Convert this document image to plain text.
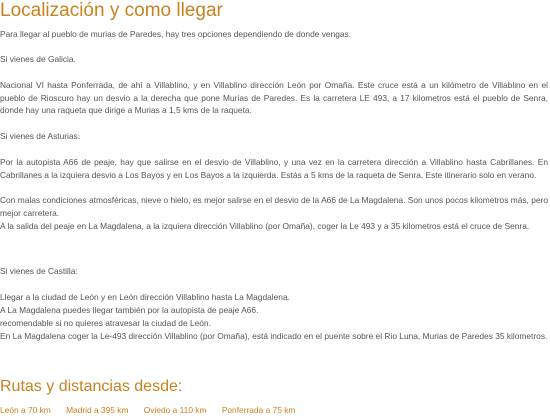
Localización y como llegar

Para llegar al pueblo de murias de Paredes, hay tres opciones dependiendo de donde vengas.

Si vienes de Galicia.

Nacional VI hasta Ponferrada, de ahí a Villablino, y en Villablino dirección León por Omaña. Este cruce está a un kilómetro de Villablino en el pueblo de Rioscuro hay un desvio a la derecha que pone Murias de Paredes. Es la carretera LE 493, a 17 kilometros está el pueblo de Senra, donde hay una raqueta que dirige a Murias a 1,5 kms de la raqueta.

Si vienes de Asturias:

Por la autopista A66 de peaje, hay que salirse en el desvio de Villablino, y una vez en la carretera dirección a Villablino hasta Cabrillanes. En Cabrillanes a la izquiera desvio a Los Bayos y en Los Bayos a la izquierda. Estás a 5 kms de la raqueta de Senra. Este itinerario solo en verano.

Con malas condiciones atmosféricas, nieve o hielo, es mejor salirse en el desvio de la A66 de La Magdalena. Son unos pocos kilometros más, pero mejor carretera.

A la salida del peaje en La Magdalena, a la izquiera dirección Villablino (por Omaña), coger la Le 493 y a 35 kilometros está el cruce de Senra.

Si vienes de Castilla:

Llegar a la ciudad de León y en León dirección Villablino hasta La Magdalena.

A La Magdalena puedes llegar también por la autopista de peaje A66.

recomendable si no quieres atravesar la ciudad de León.

En La Magdalena coger la Le-493 dirección Villablino (por Omaña), está indicado en el puente sobre el Rio Luna, Murias de Paredes 35 kilometros.

Rutas y distancias desde:
León a 70 km Madrid a 395 km Oviedo a 110 km Ponferrada a 75 km
